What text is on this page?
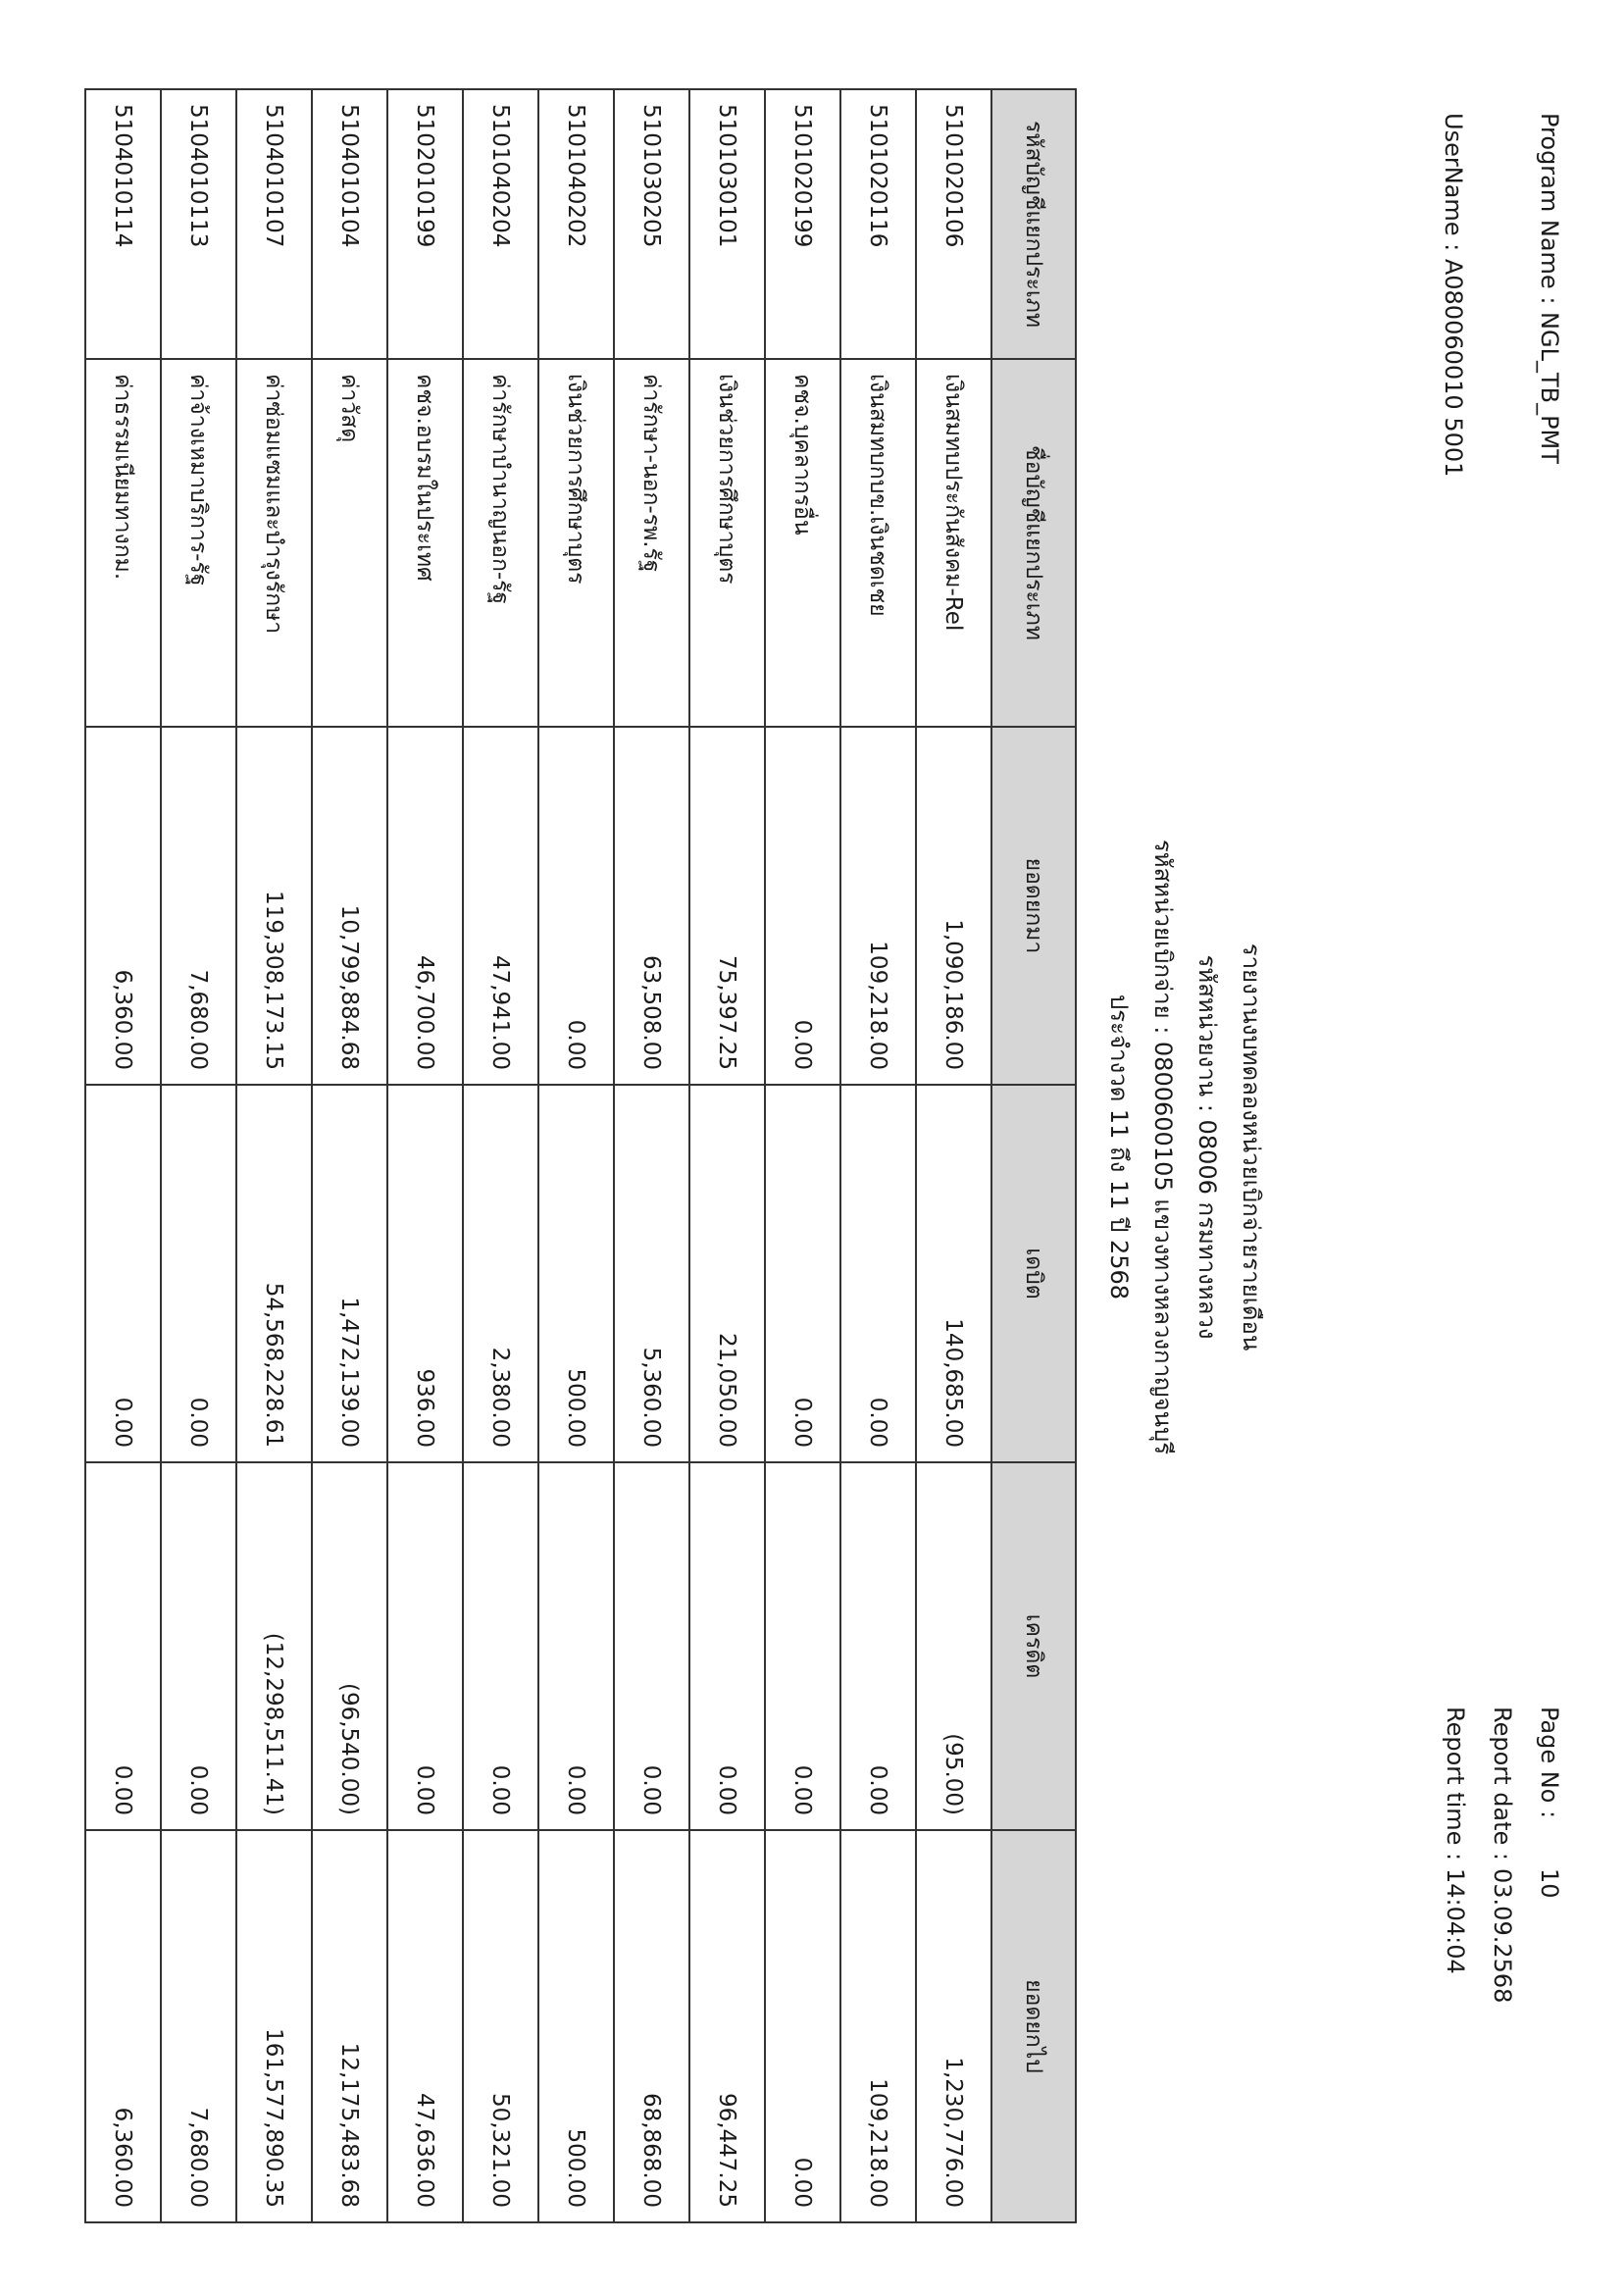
Program Name : NGL_TB_PMT
UserName : A080060010 5001
รายงานงบทดลองหน่วยเบิกจ่ายรายเดือน
รหัสหน่วยงาน : 08006 กรมทางหลวง
รหัสหน่วยเบิกจ่าย : 0800600105 แขวงทางหลวงกาญจนบุรี
ประจำงวด 11 ถึง 11 ปี 2568
Page No :
10
Report date :
03.09.2568
Report time :
14:04:04
รหัสบัญชีแยกประเภท	ชื่อบัญชีแยกประเภท	ยอดยกมา	เดบิต	เครดิต	ยอดยกไป
5101020106	เงินสมทบประกันสังคม-Rel	1,090,186.00	140,685.00	(95.00)	1,230,776.00
5101020116	เงินสมทบกบข.เงินชดเชย	109,218.00	0.00	0.00	109,218.00
5101020199	คชจ.บุคลากรอื่น	0.00	0.00	0.00	0.00
5101030101	เงินช่วยการศึกษาบุตร	75,397.25	21,050.00	0.00	96,447.25
5101030205	ค่ารักษา-นอก-รพ.รัฐ	63,508.00	5,360.00	0.00	68,868.00
5101040202	เงินช่วยการศึกษาบุตร	0.00	500.00	0.00	500.00
5101040204	ค่ารักษาบำนาญนอก-รัฐ	47,941.00	2,380.00	0.00	50,321.00
5102010199	คชจ.อบรมในประเทศ	46,700.00	936.00	0.00	47,636.00
5104010104	ค่าวัสดุ	10,799,884.68	1,472,139.00	(96,540.00)	12,175,483.68
5104010107	ค่าซ่อมแซมและบำรุงรักษา	119,308,173.15	54,568,228.61	(12,298,511.41)	161,577,890.35
5104010113	ค่าจ้างเหมาบริการ-รัฐ	7,680.00	0.00	0.00	7,680.00
5104010114	ค่าธรรมเนียมทางกม.	6,360.00	0.00	0.00	6,360.00
